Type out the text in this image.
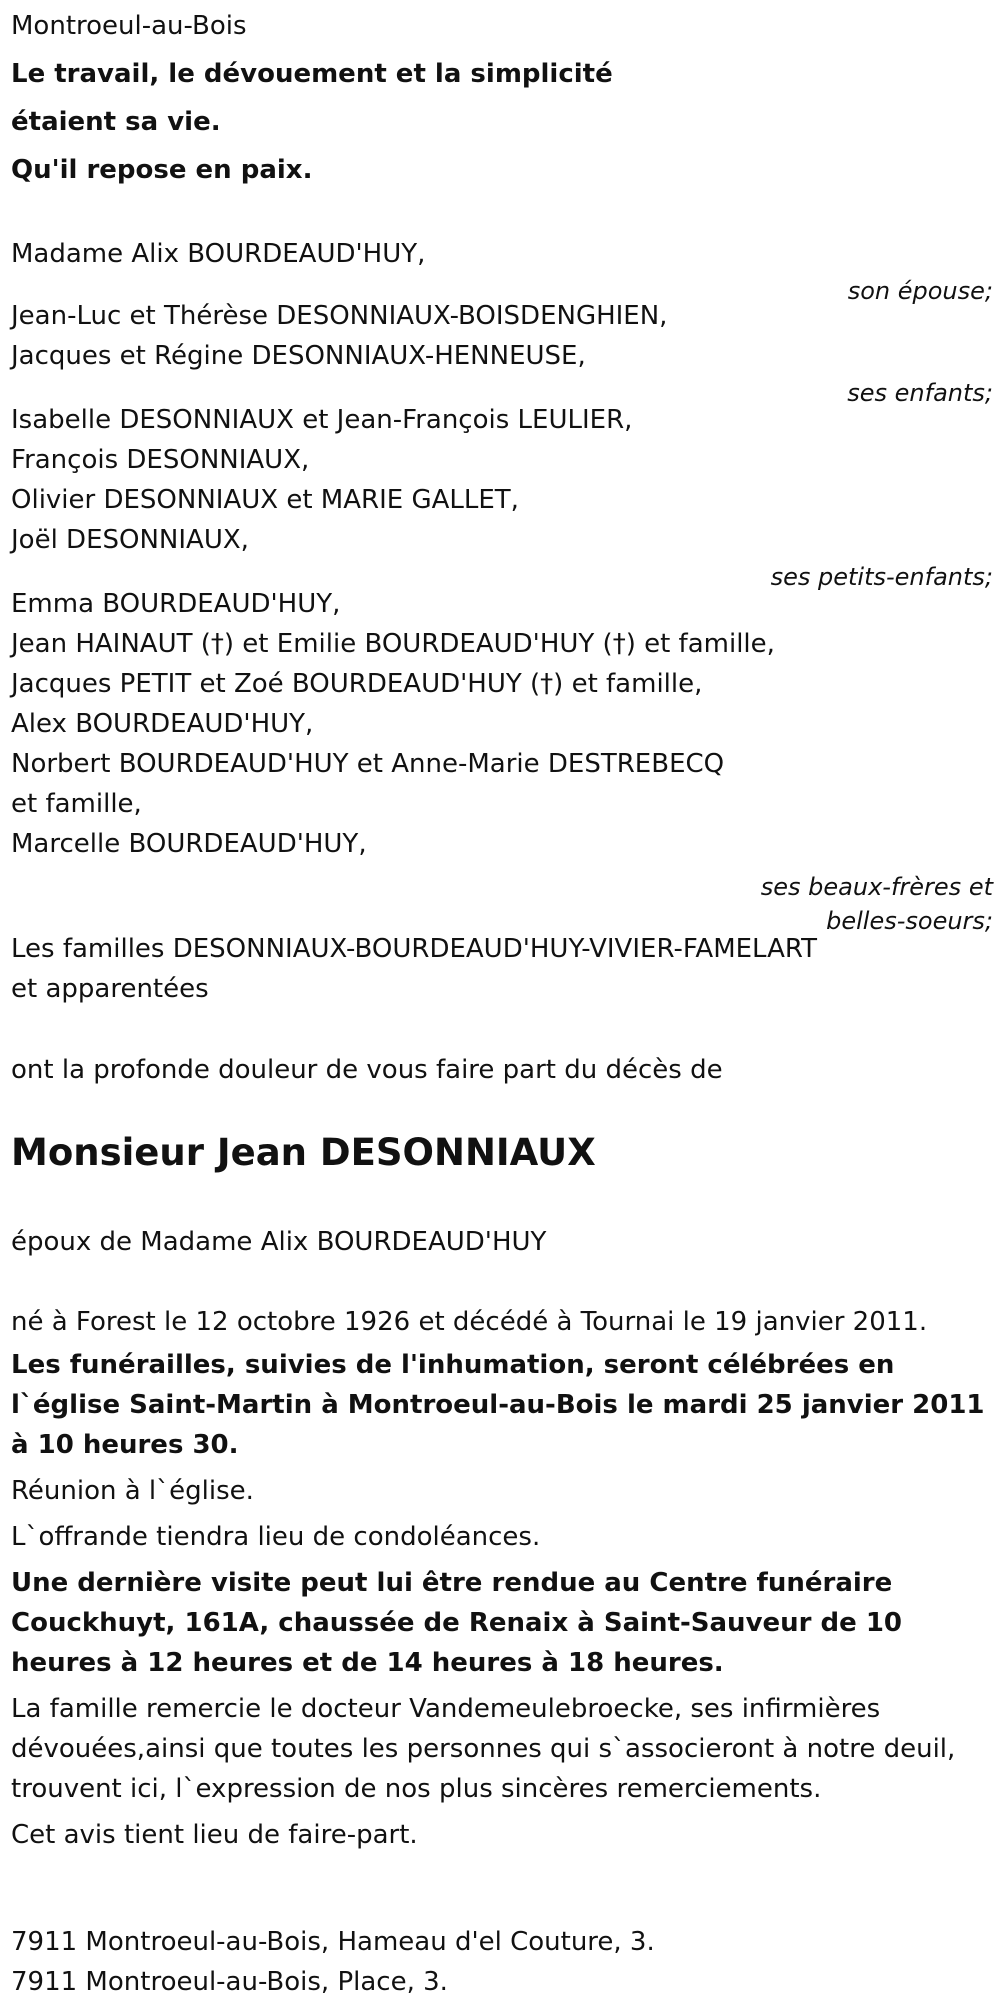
Montroeul-au-Bois
Le travail, le dévouement et la simplicité
étaient sa vie.
Qu'il repose en paix.
Madame Alix BOURDEAUD'HUY,
son épouse;
Jean-Luc et Thérèse DESONNIAUX-BOISDENGHIEN,
Jacques et Régine DESONNIAUX-HENNEUSE,
ses enfants;
Isabelle DESONNIAUX et Jean-François LEULIER,
François DESONNIAUX,
Olivier DESONNIAUX et MARIE GALLET,
Joël DESONNIAUX,
ses petits-enfants;
Emma BOURDEAUD'HUY,
Jean HAINAUT (†) et Emilie BOURDEAUD'HUY (†) et famille,
Jacques PETIT et Zoé BOURDEAUD'HUY (†) et famille,
Alex BOURDEAUD'HUY,
Norbert BOURDEAUD'HUY et Anne-Marie DESTREBECQ
et famille,
Marcelle BOURDEAUD'HUY,
ses beaux-frères et
belles-soeurs;
Les familles DESONNIAUX-BOURDEAUD'HUY-VIVIER-FAMELART
et apparentées
ont la profonde douleur de vous faire part du décès de
Monsieur Jean DESONNIAUX
époux de Madame Alix BOURDEAUD'HUY
né à Forest le 12 octobre 1926 et décédé à Tournai le 19 janvier 2011.
Les funérailles, suivies de l'inhumation, seront célébrées en l`église Saint-Martin à Montroeul-au-Bois le mardi 25 janvier 2011 à 10 heures 30.
Réunion à l`église.
L`offrande tiendra lieu de condoléances.
Une dernière visite peut lui être rendue au Centre funéraire Couckhuyt, 161A, chaussée de Renaix à Saint-Sauveur de 10 heures à 12 heures et de 14 heures à 18 heures.
La famille remercie le docteur Vandemeulebroecke, ses infirmières dévouées,ainsi que toutes les personnes qui s`associeront à notre deuil, trouvent ici, l`expression de nos plus sincères remerciements.
Cet avis tient lieu de faire-part.
7911 Montroeul-au-Bois, Hameau d'el Couture, 3.
7911 Montroeul-au-Bois, Place, 3.
